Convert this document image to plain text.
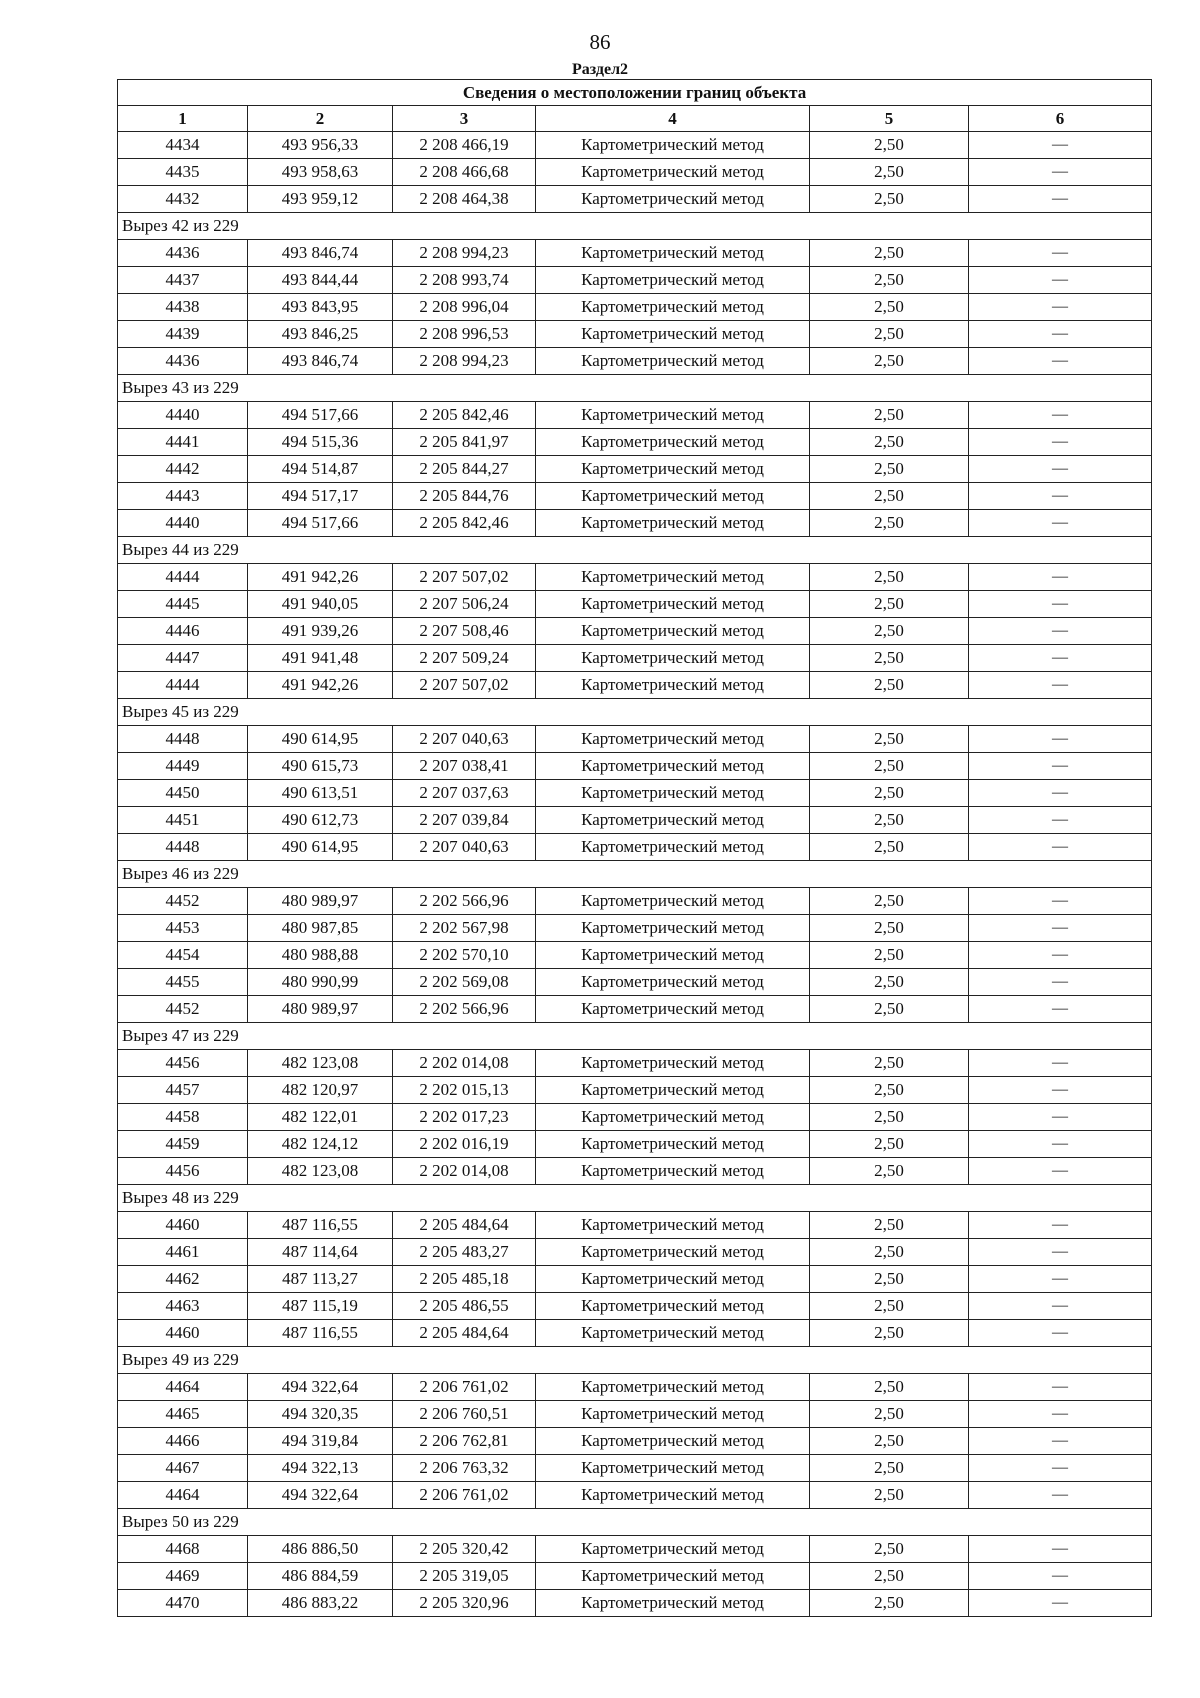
86
Раздел2
Сведения о местоположении границ объекта					
1	2	3	4	5	6
4434	493 956,33	2 208 466,19	Картометрический метод	2,50	—
4435	493 958,63	2 208 466,68	Картометрический метод	2,50	—
4432	493 959,12	2 208 464,38	Картометрический метод	2,50	—
Вырез 42 из 229					
4436	493 846,74	2 208 994,23	Картометрический метод	2,50	—
4437	493 844,44	2 208 993,74	Картометрический метод	2,50	—
4438	493 843,95	2 208 996,04	Картометрический метод	2,50	—
4439	493 846,25	2 208 996,53	Картометрический метод	2,50	—
4436	493 846,74	2 208 994,23	Картометрический метод	2,50	—
Вырез 43 из 229					
4440	494 517,66	2 205 842,46	Картометрический метод	2,50	—
4441	494 515,36	2 205 841,97	Картометрический метод	2,50	—
4442	494 514,87	2 205 844,27	Картометрический метод	2,50	—
4443	494 517,17	2 205 844,76	Картометрический метод	2,50	—
4440	494 517,66	2 205 842,46	Картометрический метод	2,50	—
Вырез 44 из 229					
4444	491 942,26	2 207 507,02	Картометрический метод	2,50	—
4445	491 940,05	2 207 506,24	Картометрический метод	2,50	—
4446	491 939,26	2 207 508,46	Картометрический метод	2,50	—
4447	491 941,48	2 207 509,24	Картометрический метод	2,50	—
4444	491 942,26	2 207 507,02	Картометрический метод	2,50	—
Вырез 45 из 229					
4448	490 614,95	2 207 040,63	Картометрический метод	2,50	—
4449	490 615,73	2 207 038,41	Картометрический метод	2,50	—
4450	490 613,51	2 207 037,63	Картометрический метод	2,50	—
4451	490 612,73	2 207 039,84	Картометрический метод	2,50	—
4448	490 614,95	2 207 040,63	Картометрический метод	2,50	—
Вырез 46 из 229					
4452	480 989,97	2 202 566,96	Картометрический метод	2,50	—
4453	480 987,85	2 202 567,98	Картометрический метод	2,50	—
4454	480 988,88	2 202 570,10	Картометрический метод	2,50	—
4455	480 990,99	2 202 569,08	Картометрический метод	2,50	—
4452	480 989,97	2 202 566,96	Картометрический метод	2,50	—
Вырез 47 из 229					
4456	482 123,08	2 202 014,08	Картометрический метод	2,50	—
4457	482 120,97	2 202 015,13	Картометрический метод	2,50	—
4458	482 122,01	2 202 017,23	Картометрический метод	2,50	—
4459	482 124,12	2 202 016,19	Картометрический метод	2,50	—
4456	482 123,08	2 202 014,08	Картометрический метод	2,50	—
Вырез 48 из 229					
4460	487 116,55	2 205 484,64	Картометрический метод	2,50	—
4461	487 114,64	2 205 483,27	Картометрический метод	2,50	—
4462	487 113,27	2 205 485,18	Картометрический метод	2,50	—
4463	487 115,19	2 205 486,55	Картометрический метод	2,50	—
4460	487 116,55	2 205 484,64	Картометрический метод	2,50	—
Вырез 49 из 229					
4464	494 322,64	2 206 761,02	Картометрический метод	2,50	—
4465	494 320,35	2 206 760,51	Картометрический метод	2,50	—
4466	494 319,84	2 206 762,81	Картометрический метод	2,50	—
4467	494 322,13	2 206 763,32	Картометрический метод	2,50	—
4464	494 322,64	2 206 761,02	Картометрический метод	2,50	—
Вырез 50 из 229					
4468	486 886,50	2 205 320,42	Картометрический метод	2,50	—
4469	486 884,59	2 205 319,05	Картометрический метод	2,50	—
4470	486 883,22	2 205 320,96	Картометрический метод	2,50	—
